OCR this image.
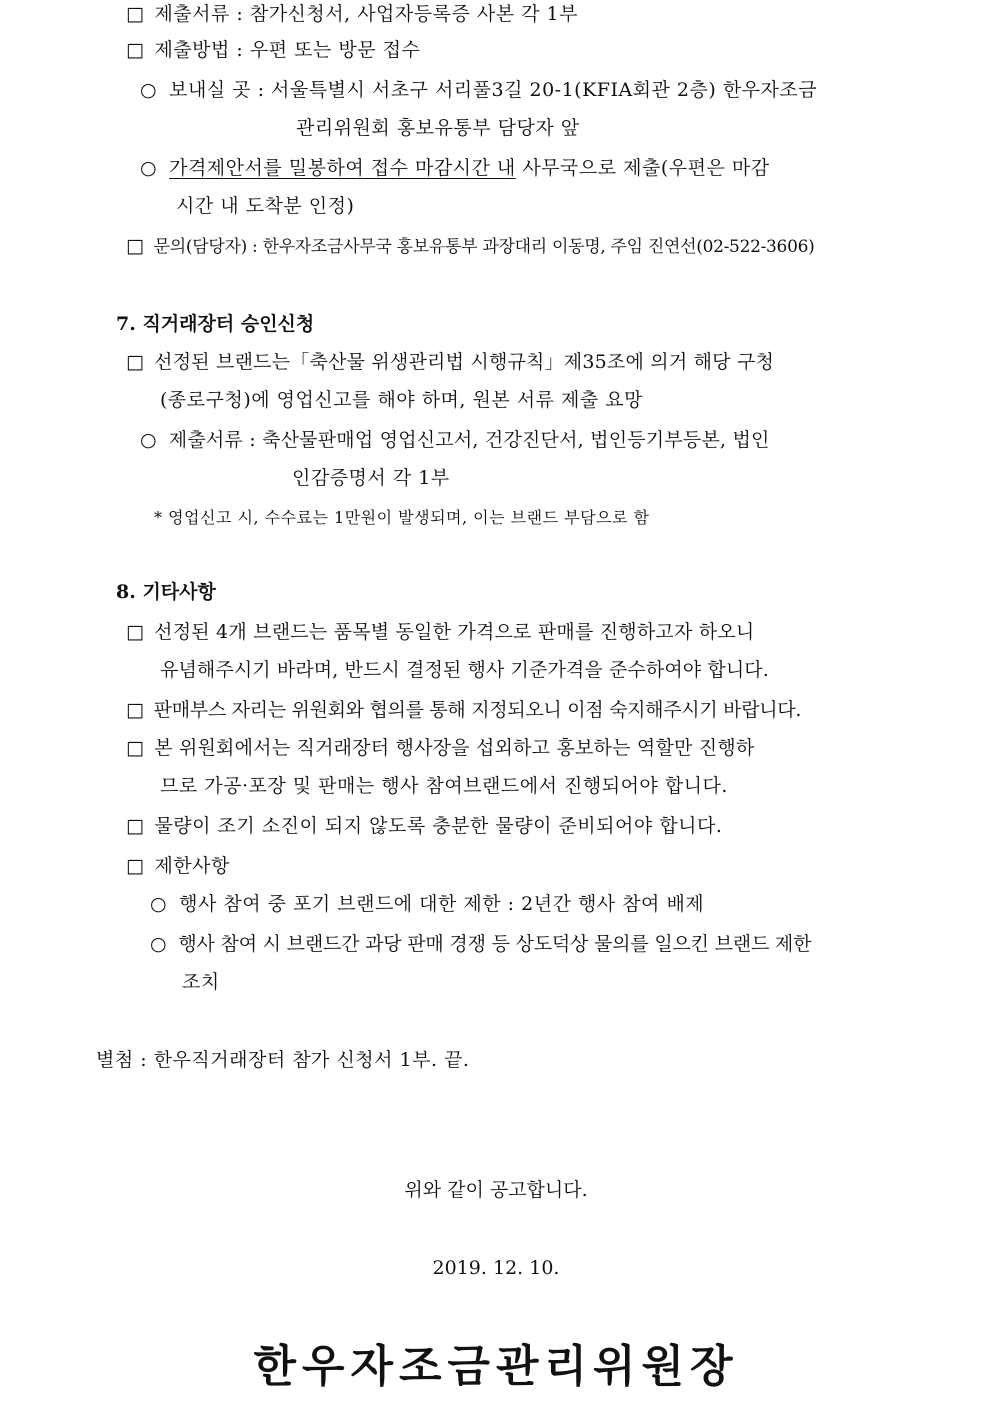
□ 제출서류 : 참가신청서, 사업자등록증 사본 각 1부
□ 제출방법 : 우편 또는 방문 접수
○ 보내실 곳 : 서울특별시 서초구 서리풀3길 20-1(KFIA회관 2층) 한우자조금
관리위원회 홍보유통부 담당자 앞
○ 가격제안서를 밀봉하여 접수 마감시간 내 사무국으로 제출(우편은 마감
시간 내 도착분 인정)
□ 문의(담당자) : 한우자조금사무국 홍보유통부 과장대리 이동명, 주임 진연선(02-522-3606)
7. 직거래장터 승인신청
□ 선정된 브랜드는「축산물 위생관리법 시행규칙」제35조에 의거 해당 구청
(종로구청)에 영업신고를 해야 하며, 원본 서류 제출 요망
○ 제출서류 : 축산물판매업 영업신고서, 건강진단서, 법인등기부등본, 법인
인감증명서 각 1부
* 영업신고 시, 수수료는 1만원이 발생되며, 이는 브랜드 부담으로 함
8. 기타사항
□ 선정된 4개 브랜드는 품목별 동일한 가격으로 판매를 진행하고자 하오니
유념해주시기 바라며, 반드시 결정된 행사 기준가격을 준수하여야 합니다.
□ 판매부스 자리는 위원회와 협의를 통해 지정되오니 이점 숙지해주시기 바랍니다.
□ 본 위원회에서는 직거래장터 행사장을 섭외하고 홍보하는 역할만 진행하
므로 가공·포장 및 판매는 행사 참여브랜드에서 진행되어야 합니다.
□ 물량이 조기 소진이 되지 않도록 충분한 물량이 준비되어야 합니다.
□ 제한사항
○ 행사 참여 중 포기 브랜드에 대한 제한 : 2년간 행사 참여 배제
○ 행사 참여 시 브랜드간 과당 판매 경쟁 등 상도덕상 물의를 일으킨 브랜드 제한
조치
별첨 : 한우직거래장터 참가 신청서 1부. 끝.
위와 같이 공고합니다.
2019. 12. 10.
한우자조금관리위원장
